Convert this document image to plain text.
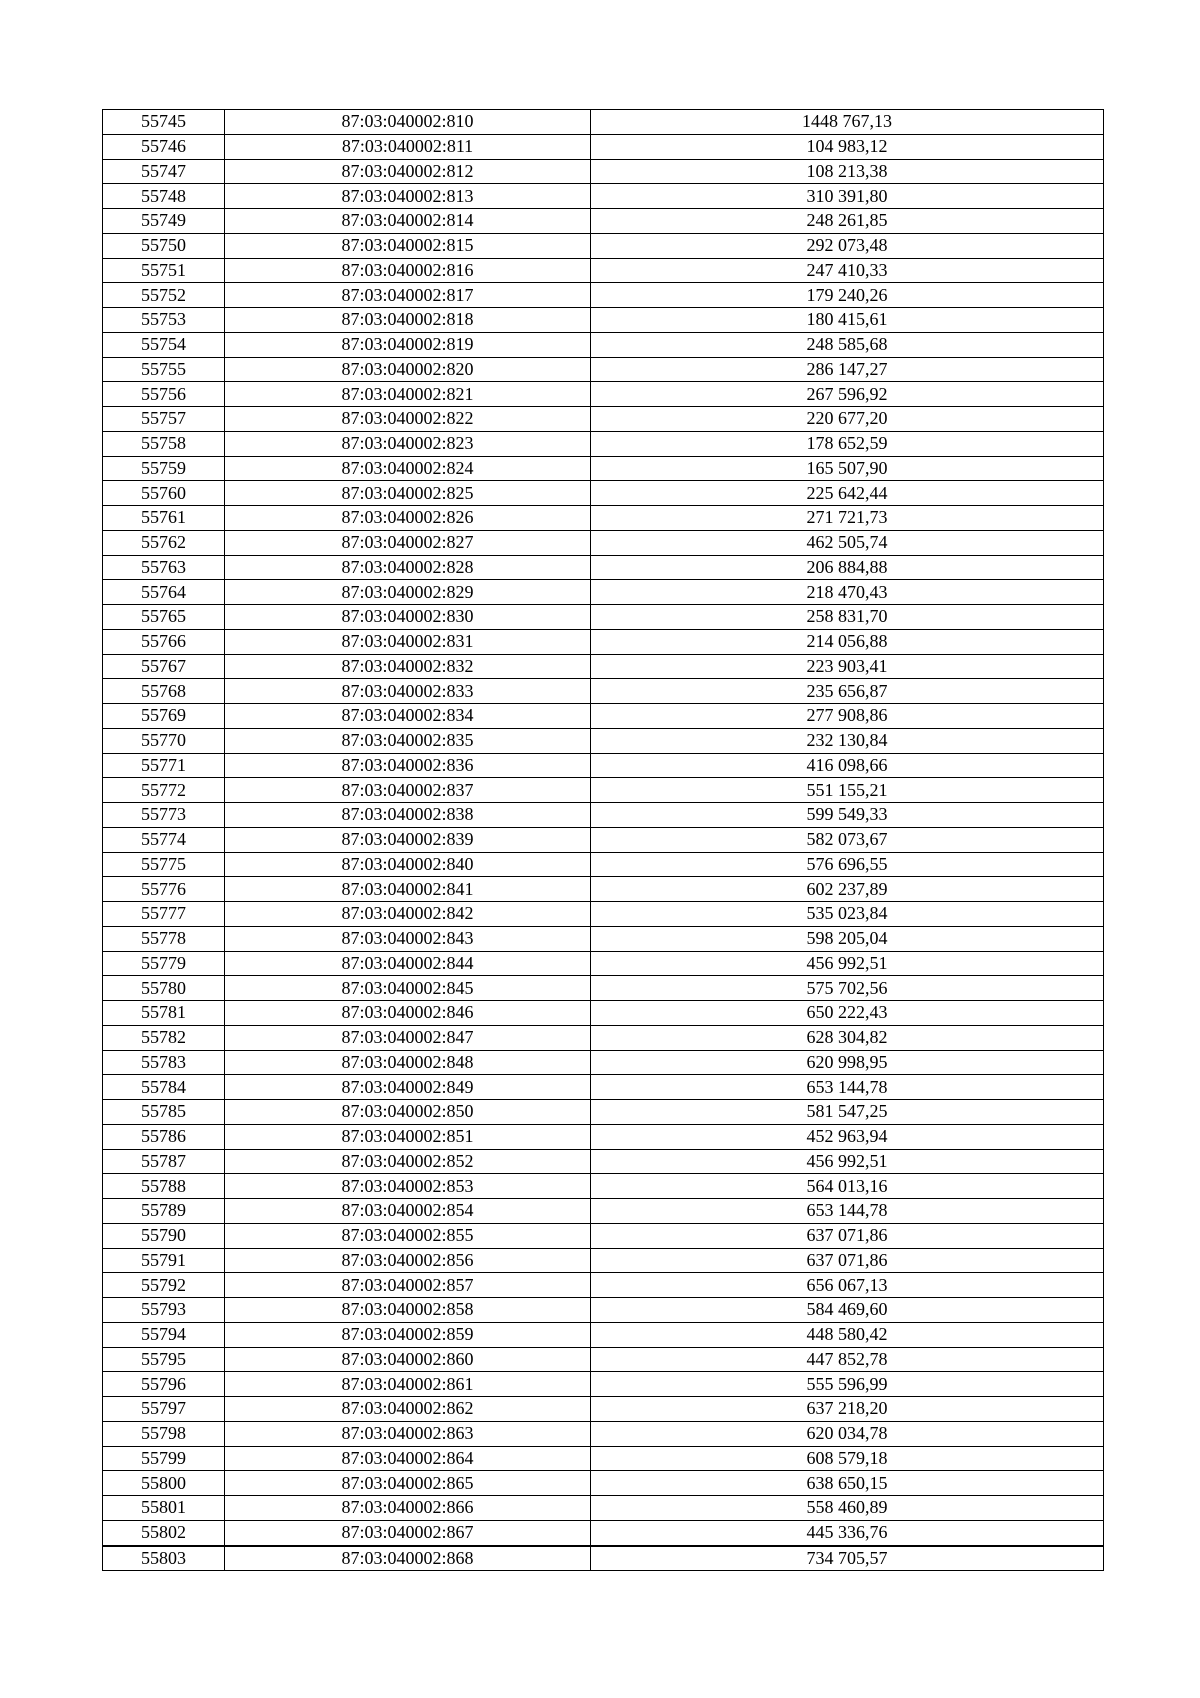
55745	87:03:040002:810	1448 767,13
55746	87:03:040002:811	104 983,12
55747	87:03:040002:812	108 213,38
55748	87:03:040002:813	310 391,80
55749	87:03:040002:814	248 261,85
55750	87:03:040002:815	292 073,48
55751	87:03:040002:816	247 410,33
55752	87:03:040002:817	179 240,26
55753	87:03:040002:818	180 415,61
55754	87:03:040002:819	248 585,68
55755	87:03:040002:820	286 147,27
55756	87:03:040002:821	267 596,92
55757	87:03:040002:822	220 677,20
55758	87:03:040002:823	178 652,59
55759	87:03:040002:824	165 507,90
55760	87:03:040002:825	225 642,44
55761	87:03:040002:826	271 721,73
55762	87:03:040002:827	462 505,74
55763	87:03:040002:828	206 884,88
55764	87:03:040002:829	218 470,43
55765	87:03:040002:830	258 831,70
55766	87:03:040002:831	214 056,88
55767	87:03:040002:832	223 903,41
55768	87:03:040002:833	235 656,87
55769	87:03:040002:834	277 908,86
55770	87:03:040002:835	232 130,84
55771	87:03:040002:836	416 098,66
55772	87:03:040002:837	551 155,21
55773	87:03:040002:838	599 549,33
55774	87:03:040002:839	582 073,67
55775	87:03:040002:840	576 696,55
55776	87:03:040002:841	602 237,89
55777	87:03:040002:842	535 023,84
55778	87:03:040002:843	598 205,04
55779	87:03:040002:844	456 992,51
55780	87:03:040002:845	575 702,56
55781	87:03:040002:846	650 222,43
55782	87:03:040002:847	628 304,82
55783	87:03:040002:848	620 998,95
55784	87:03:040002:849	653 144,78
55785	87:03:040002:850	581 547,25
55786	87:03:040002:851	452 963,94
55787	87:03:040002:852	456 992,51
55788	87:03:040002:853	564 013,16
55789	87:03:040002:854	653 144,78
55790	87:03:040002:855	637 071,86
55791	87:03:040002:856	637 071,86
55792	87:03:040002:857	656 067,13
55793	87:03:040002:858	584 469,60
55794	87:03:040002:859	448 580,42
55795	87:03:040002:860	447 852,78
55796	87:03:040002:861	555 596,99
55797	87:03:040002:862	637 218,20
55798	87:03:040002:863	620 034,78
55799	87:03:040002:864	608 579,18
55800	87:03:040002:865	638 650,15
55801	87:03:040002:866	558 460,89
55802	87:03:040002:867	445 336,76
55803	87:03:040002:868	734 705,57
